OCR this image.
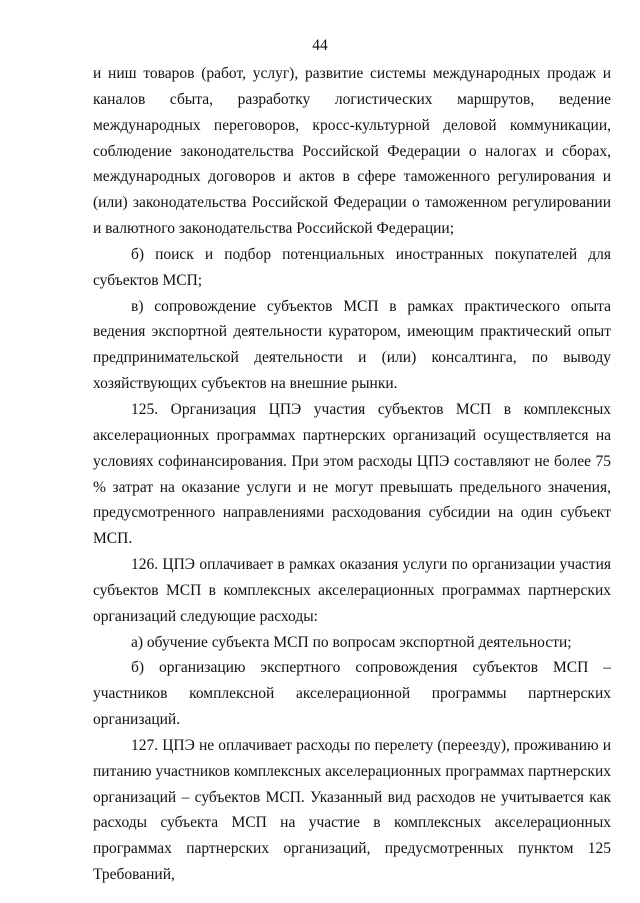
44

и ниш товаров (работ, услуг), развитие системы международных продаж и каналов сбыта, разработку логистических маршрутов, ведение международных переговоров, кросс-культурной деловой коммуникации, соблюдение законодательства Российской Федерации о налогах и сборах, международных договоров и актов в сфере таможенного регулирования и (или) законодательства Российской Федерации о таможенном регулировании и валютного законодательства Российской Федерации;

б) поиск и подбор потенциальных иностранных покупателей для субъектов МСП;

в) сопровождение субъектов МСП в рамках практического опыта ведения экспортной деятельности куратором, имеющим практический опыт предпринимательской деятельности и (или) консалтинга, по выводу хозяйствующих субъектов на внешние рынки.

125. Организация ЦПЭ участия субъектов МСП в комплексных акселерационных программах партнерских организаций осуществляется на условиях софинансирования. При этом расходы ЦПЭ составляют не более 75 % затрат на оказание услуги и не могут превышать предельного значения, предусмотренного направлениями расходования субсидии на один субъект МСП.

126. ЦПЭ оплачивает в рамках оказания услуги по организации участия субъектов МСП в комплексных акселерационных программах партнерских организаций следующие расходы:

а) обучение субъекта МСП по вопросам экспортной деятельности;

б) организацию экспертного сопровождения субъектов МСП – участников комплексной акселерационной программы партнерских организаций.

127. ЦПЭ не оплачивает расходы по перелету (переезду), проживанию и питанию участников комплексных акселерационных программах партнерских организаций – субъектов МСП. Указанный вид расходов не учитывается как расходы субъекта МСП на участие в комплексных акселерационных программах партнерских организаций, предусмотренных пунктом 125 Требований,
